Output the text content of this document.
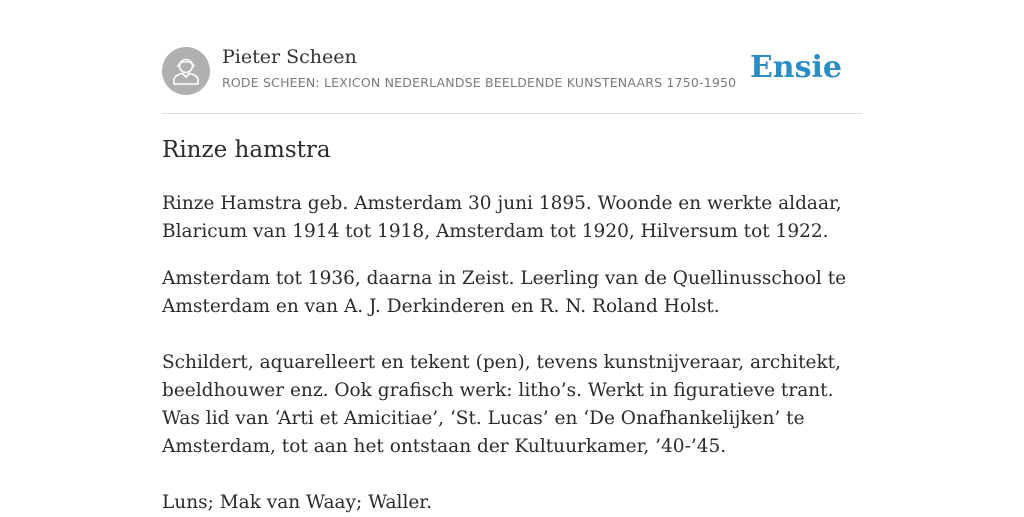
Pieter Scheen
RODE SCHEEN: LEXICON NEDERLANDSE BEELDENDE KUNSTENAARS 1750-1950 Ensie
Rinze hamstra

Rinze Hamstra geb. Amsterdam 30 juni 1895. Woonde en werkte aldaar, Blaricum van 1914 tot 1918, Amsterdam tot 1920, Hilversum tot 1922.

Amsterdam tot 1936, daarna in Zeist. Leerling van de Quellinusschool te Amsterdam en van A. J. Derkinderen en R. N. Roland Holst.

Schildert, aquarelleert en tekent (pen), tevens kunstnijveraar, architekt, beeldhouwer enz. Ook grafisch werk: litho’s. Werkt in figuratieve trant. Was lid van ‘Arti et Amicitiae’, ‘St. Lucas’ en ‘De Onafhankelijken’ te Amsterdam, tot aan het ontstaan der Kultuurkamer, ’40-’45.

Luns; Mak van Waay; Waller.
